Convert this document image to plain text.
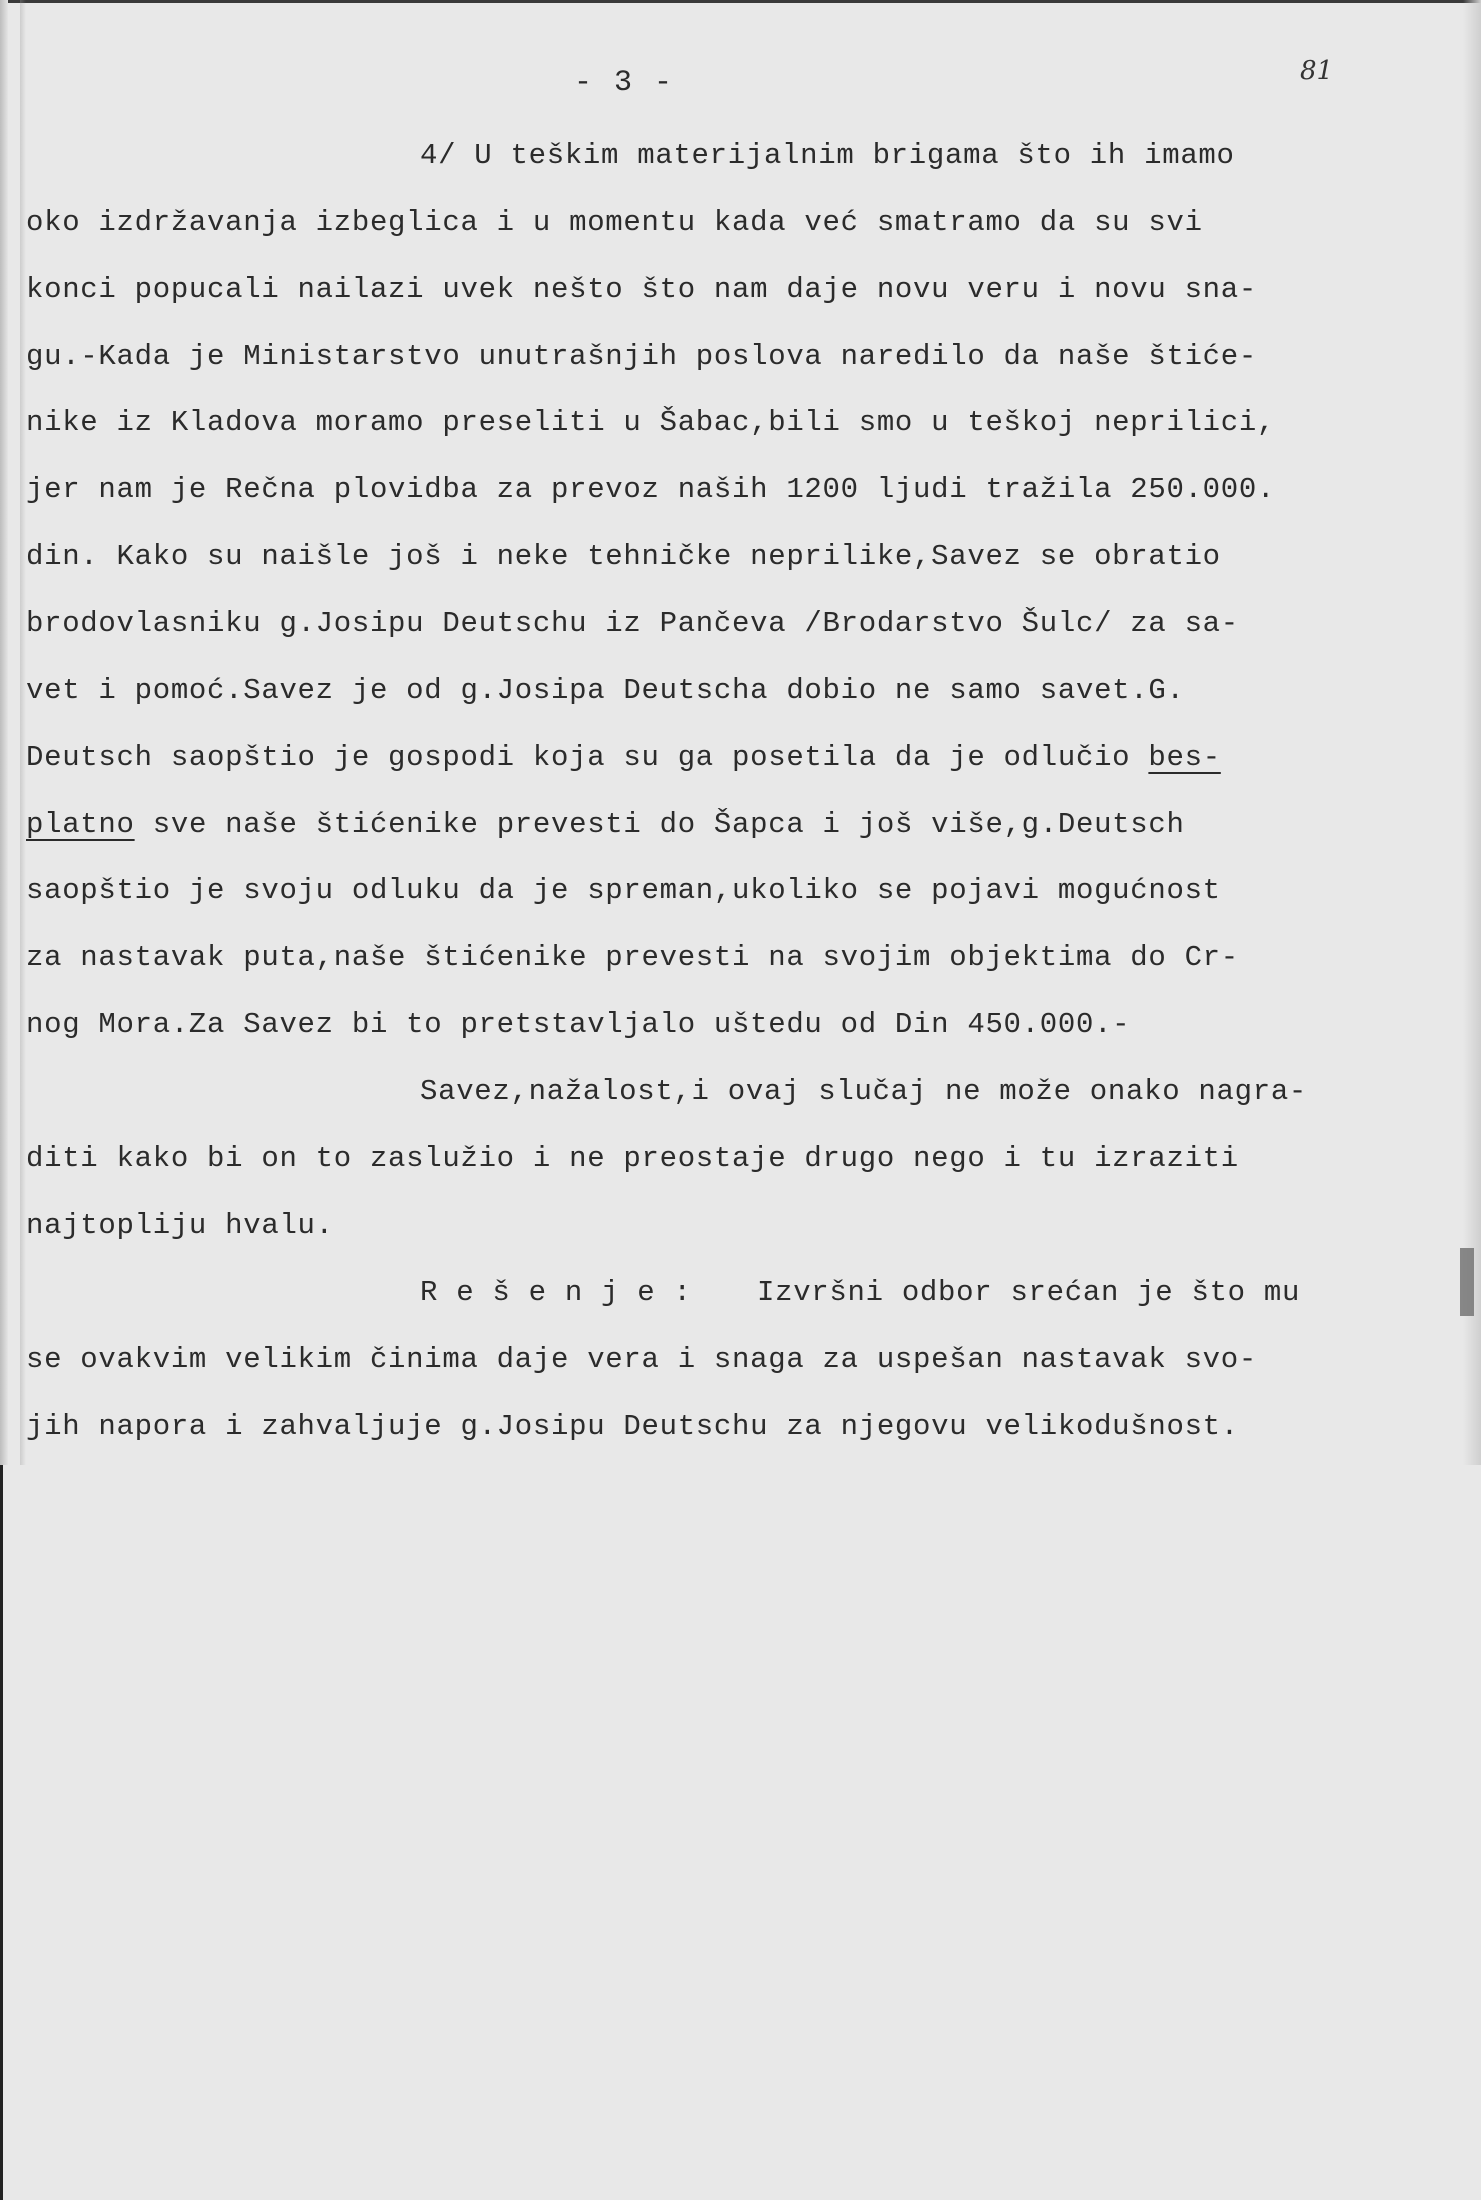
- 3 -	81
4/ U teškim materijalnim brigama što ih imamo
oko izdržavanja izbeglica i u momentu kada već smatramo da su svi
konci popucali nailazi uvek nešto što nam daje novu veru i novu sna-
gu.-Kada je Ministarstvo unutrašnjih poslova naredilo da naše štiće-
nike iz Kladova moramo preseliti u Šabac,bili smo u teškoj neprilici,
jer nam je Rečna plovidba za prevoz naših 1200 ljudi tražila 250.000.
din. Kako su naišle još i neke tehničke neprilike,Savez se obratio
brodovlasniku g.Josipu Deutschu iz Pančeva /Brodarstvo Šulc/ za sa-
vet i pomoć.Savez je od g.Josipa Deutscha dobio ne samo savet.G.
Deutsch saopštio je gospodi koja su ga posetila da je odlučio bes-
platno sve naše štićenike prevesti do Šapca i još više,g.Deutsch
saopštio je svoju odluku da je spreman,ukoliko se pojavi mogućnost
za nastavak puta,naše štićenike prevesti na svojim objektima do Cr-
nog Mora.Za Savez bi to pretstavljalo uštedu od Din 450.000.-
Savez,nažalost,i ovaj slučaj ne može onako nagra-
diti kako bi on to zaslužio i ne preostaje drugo nego i tu izraziti
najtopliju hvalu.
R e š e n j e : Izvršni odbor srećan je što mu
se ovakvim velikim činima daje vera i snaga za uspešan nastavak svo-
jih napora i zahvaljuje g.Josipu Deutschu za njegovu velikodušnost.
